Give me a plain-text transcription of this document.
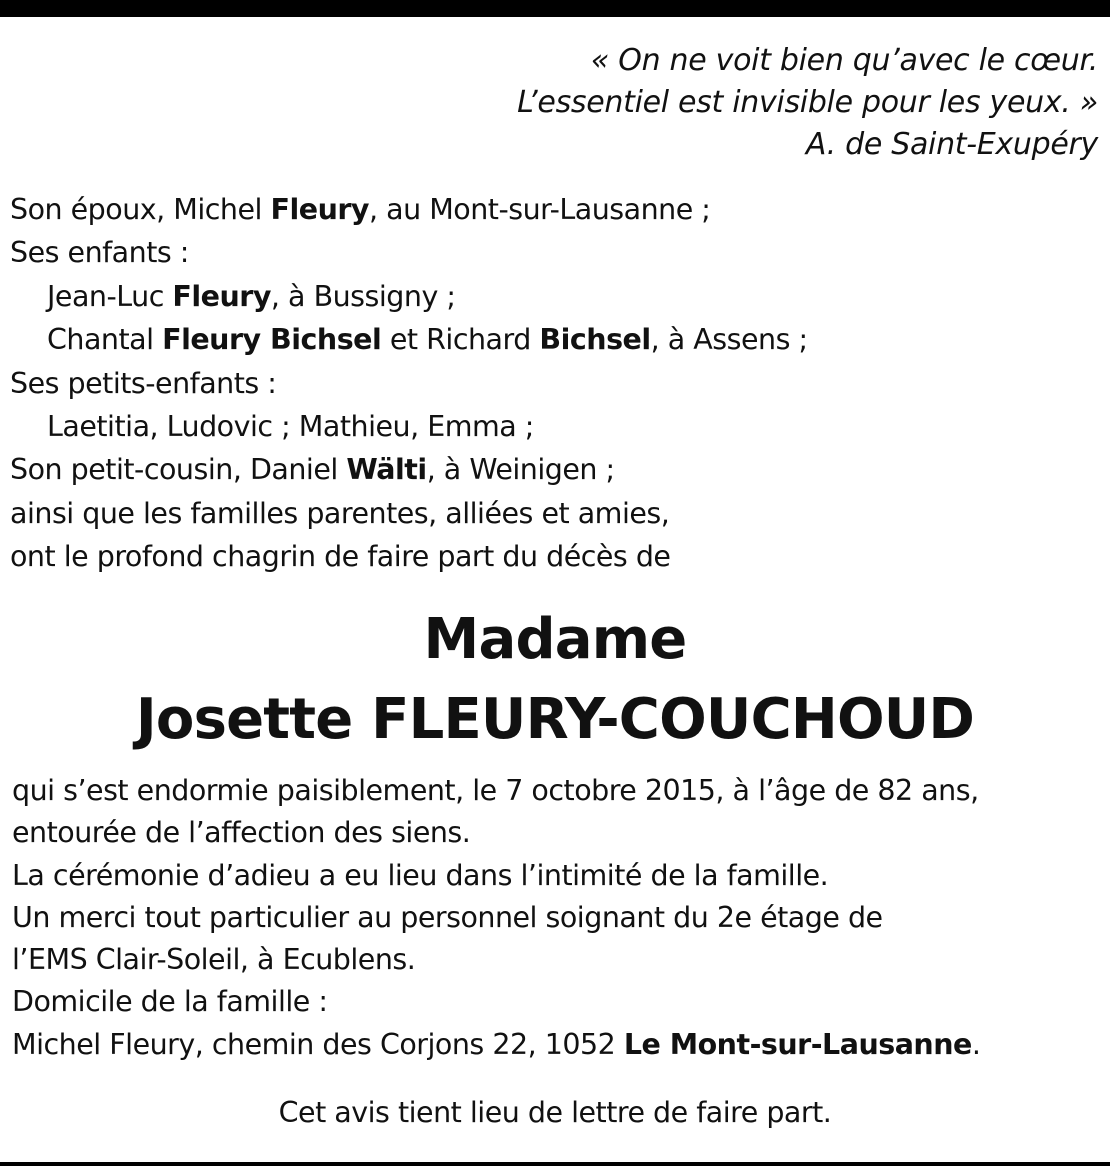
« On ne voit bien qu’avec le cœur.
L’essentiel est invisible pour les yeux. »
A. de Saint-Exupéry
Son époux, Michel Fleury, au Mont-sur-Lausanne ;
Ses enfants :
Jean-Luc Fleury, à Bussigny ;
Chantal Fleury Bichsel et Richard Bichsel, à Assens ;
Ses petits-enfants :
Laetitia, Ludovic ; Mathieu, Emma ;
Son petit-cousin, Daniel Wälti, à Weinigen ;
ainsi que les familles parentes, alliées et amies,
ont le profond chagrin de faire part du décès de
Madame
Josette FLEURY-COUCHOUD
qui s’est endormie paisiblement, le 7 octobre 2015, à l’âge de 82 ans,
entourée de l’affection des siens.
La cérémonie d’adieu a eu lieu dans l’intimité de la famille.
Un merci tout particulier au personnel soignant du 2e étage de
l’EMS Clair-Soleil, à Ecublens.
Domicile de la famille :
Michel Fleury, chemin des Corjons 22, 1052 Le Mont-sur-Lausanne.
Cet avis tient lieu de lettre de faire part.
